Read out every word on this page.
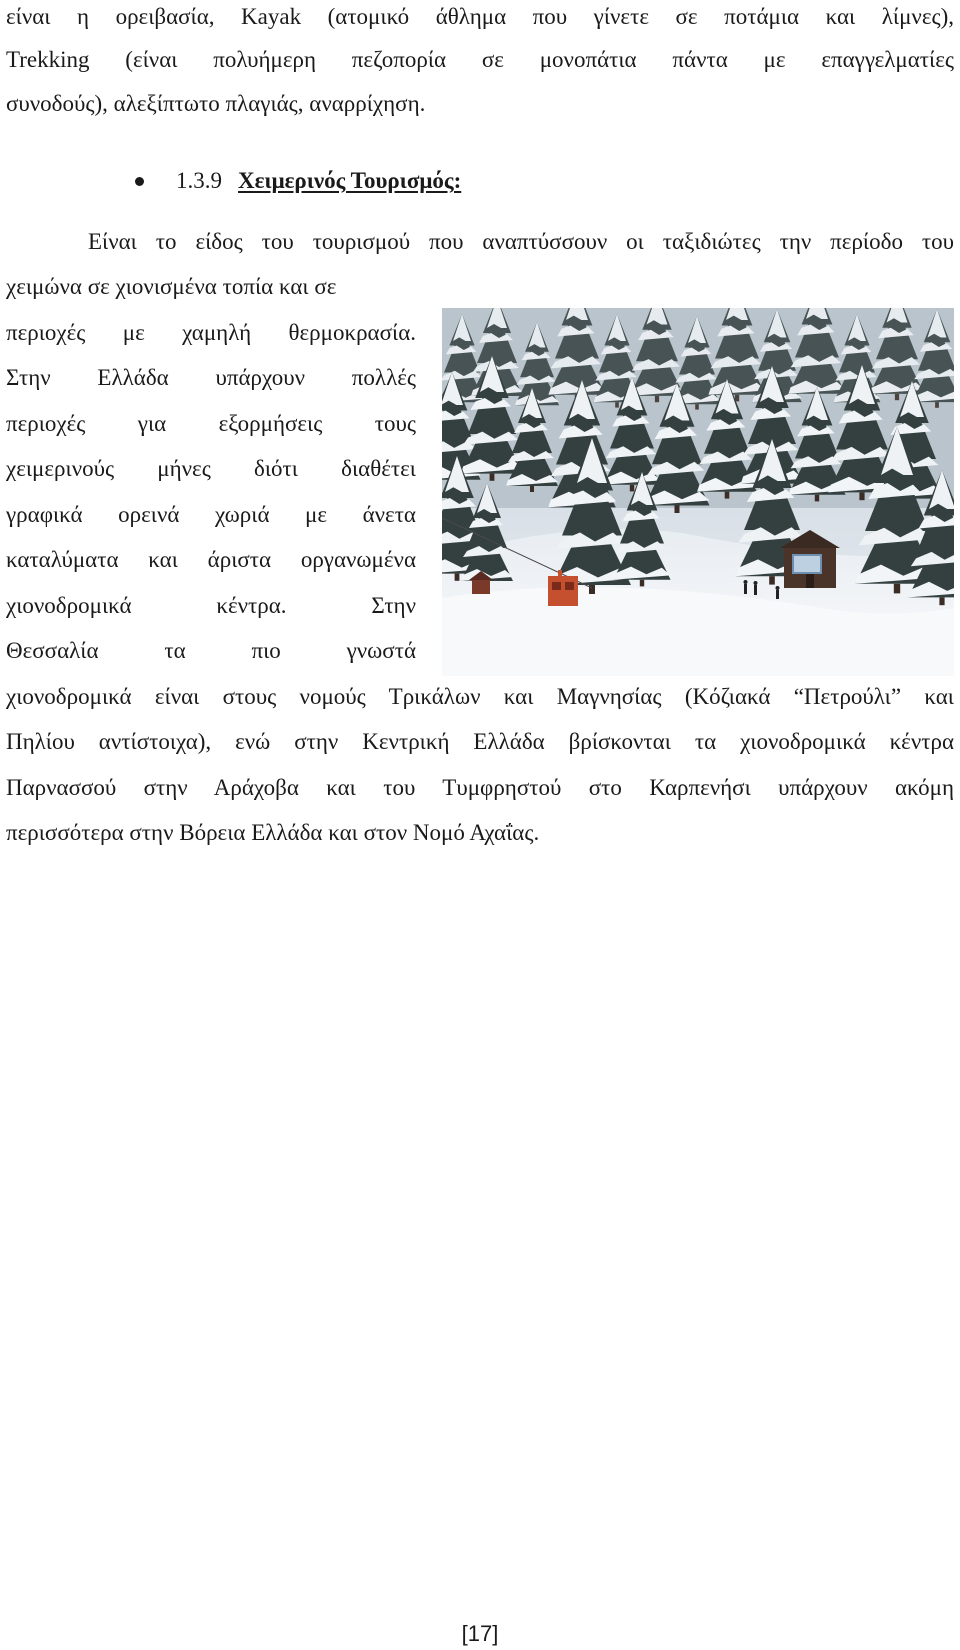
είναι η ορειβασία, Kayak (ατομικό άθλημα που γίνετε σε ποτάμια και λίμνες),

Trekking (είναι πολυήμερη πεζοπορία σε μονοπάτια πάντα με επαγγελματίες

συνοδούς), αλεξίπτωτο πλαγιάς, αναρρίχηση.

1.3.9 Χειμερινός Τουρισμός:

Είναι το είδος του τουρισμού που αναπτύσσουν οι ταξιδιώτες την περίοδο του

χειμώνα σε χιονισμένα τοπία και σε

περιοχές με χαμηλή θερμοκρασία.

Στην Ελλάδα υπάρχουν πολλές

περιοχές για εξορμήσεις τους

χειμερινούς μήνες διότι διαθέτει

γραφικά ορεινά χωριά με άνετα

καταλύματα και άριστα οργανωμένα

χιονοδρομικά κέντρα. Στην

Θεσσαλία τα πιο γνωστά

χιονοδρομικά είναι στους νομούς Τρικάλων και Μαγνησίας (Κόζιακά “Πετρούλι” και

Πηλίου αντίστοιχα), ενώ στην Κεντρική Ελλάδα βρίσκονται τα χιονοδρομικά κέντρα

Παρνασσού στην Αράχοβα και του Τυμφρηστού στο Καρπενήσι υπάρχουν ακόμη

περισσότερα στην Βόρεια Ελλάδα και στον Νομό Αχαΐας.

[17]
